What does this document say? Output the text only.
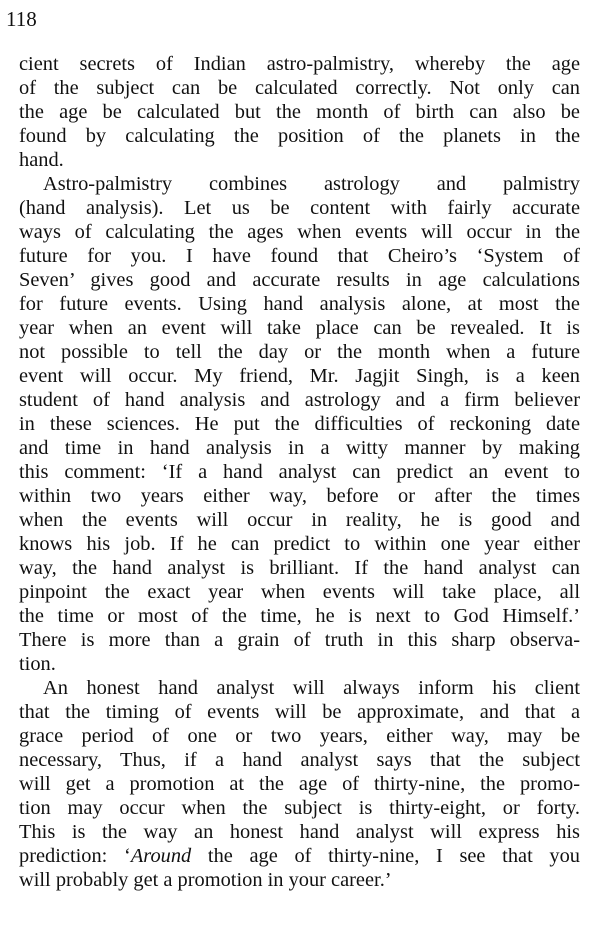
118

cient secrets of Indian astro-palmistry, whereby the age
of the subject can be calculated correctly. Not only can
the age be calculated but the month of birth can also be
found by calculating the position of the planets in the
hand.

Astro-palmistry combines astrology and palmistry
(hand analysis). Let us be content with fairly accurate
ways of calculating the ages when events will occur in the
future for you. I have found that Cheiro’s ‘System of
Seven’ gives good and accurate results in age calculations
for future events. Using hand analysis alone, at most the
year when an event will take place can be revealed. It is
not possible to tell the day or the month when a future
event will occur. My friend, Mr. Jagjit Singh, is a keen
student of hand analysis and astrology and a firm believer
in these sciences. He put the difficulties of reckoning date
and time in hand analysis in a witty manner by making
this comment: ‘If a hand analyst can predict an event to
within two years either way, before or after the times
when the events will occur in reality, he is good and
knows his job. If he can predict to within one year either
way, the hand analyst is brilliant. If the hand analyst can
pinpoint the exact year when events will take place, all
the time or most of the time, he is next to God Himself.’
There is more than a grain of truth in this sharp observa-
tion.

An honest hand analyst will always inform his client
that the timing of events will be approximate, and that a
grace period of one or two years, either way, may be
necessary, Thus, if a hand analyst says that the subject
will get a promotion at the age of thirty-nine, the promo-
tion may occur when the subject is thirty-eight, or forty.
This is the way an honest hand analyst will express his
prediction: ‘Around the age of thirty-nine, I see that you
will probably get a promotion in your career.’
